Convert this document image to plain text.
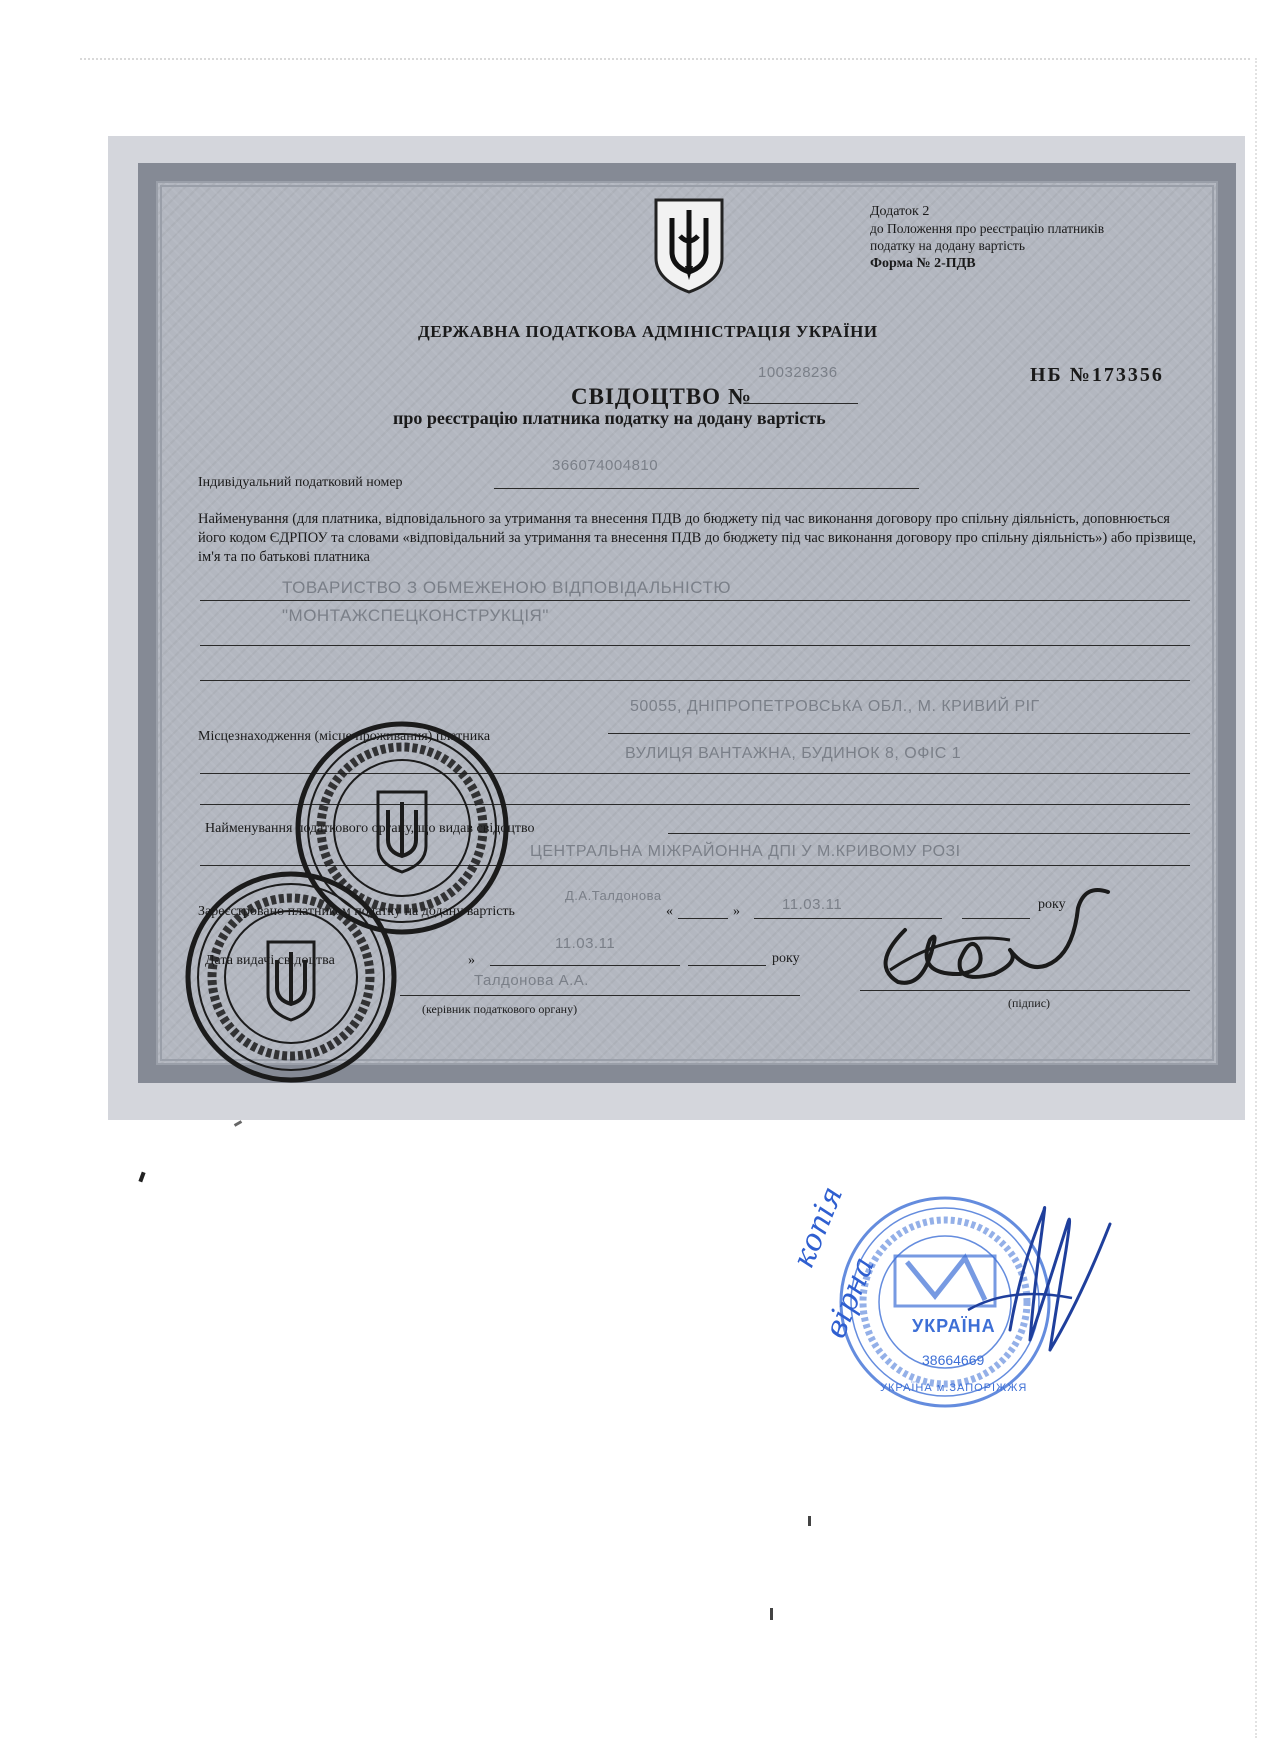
Додаток 2
до Положення про реєстрацію платників
податку на додану вартість
Форма № 2-ПДВ
ДЕРЖАВНА ПОДАТКОВА АДМІНІСТРАЦІЯ УКРАЇНИ
100328236
СВІДОЦТВО №
НБ №173356
про реєстрацію платника податку на додану вартість
366074004810
Індивідуальний податковий номер
Найменування (для платника, відповідального за утримання та внесення ПДВ до бюджету під час виконання договору про спільну діяльність, доповнюється його кодом ЄДРПОУ та словами «відповідальний за утримання та внесення ПДВ до бюджету під час виконання договору про спільну діяльність») або прізвище, ім'я та по батькові платника
ТОВАРИСТВО З ОБМЕЖЕНОЮ ВІДПОВІДАЛЬНІСТЮ
"МОНТАЖСПЕЦКОНСТРУКЦІЯ"
50055, ДНІПРОПЕТРОВСЬКА ОБЛ., М. КРИВИЙ РІГ
Місцезнаходження (місце проживання) платника
ВУЛИЦЯ ВАНТАЖНА, БУДИНОК 8, ОФІС 1
Найменування податкового органу, що видав свідоцтво
ЦЕНТРАЛЬНА МІЖРАЙОННА ДПІ У М.КРИВОМУ РОЗІ
Д.А.Талдонова
Зареєстровано платником податку на додану вартість	«	»	11.03.11	року
11.03.11
Дата видачі свідоцтва	»	року
Талдонова А.А.
(керівник податкового органу)	(підпис)
УКРАЇНА
38664669
УКРАЇНА м.ЗАПОРІЖЖЯ
копія
вірна
